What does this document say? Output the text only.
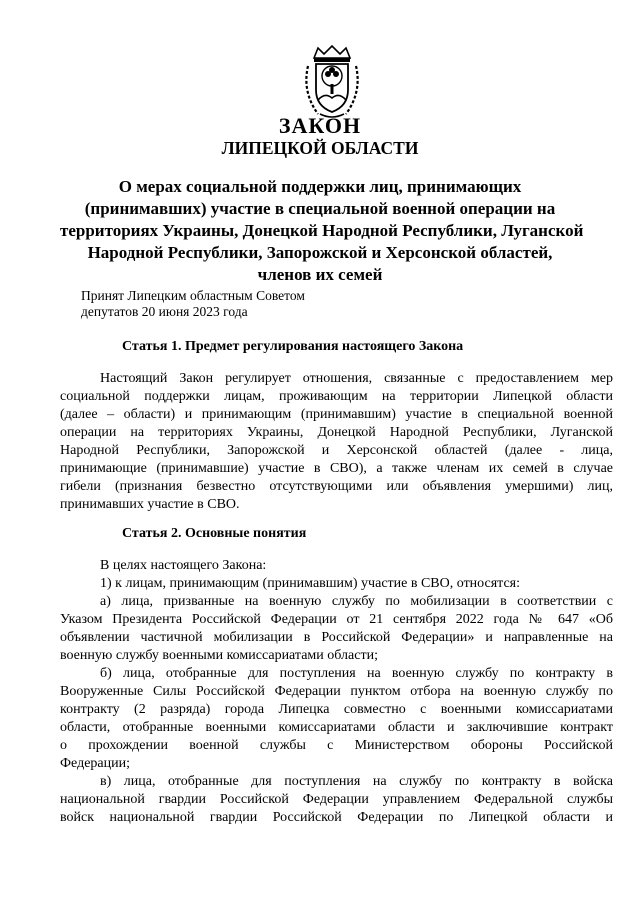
ЗАКОН
ЛИПЕЦКОЙ ОБЛАСТИ
О мерах социальной поддержки лиц, принимающих
(принимавших) участие в специальной военной операции на
территориях Украины, Донецкой Народной Республики, Луганской
Народной Республики, Запорожской и Херсонской областей,
членов их семей
Принят Липецким областным Советом
депутатов 20 июня 2023 года
Статья 1. Предмет регулирования настоящего Закона
Настоящий Закон регулирует отношения, связанные с предоставлением мер
социальной поддержки лицам, проживающим на территории Липецкой области
(далее – области) и принимающим (принимавшим) участие в специальной военной
операции на территориях Украины, Донецкой Народной Республики, Луганской
Народной Республики, Запорожской и Херсонской областей (далее - лица,
принимающие (принимавшие) участие в СВО), а также членам их семей в случае
гибели (признания безвестно отсутствующими или объявления умершими) лиц,
принимавших участие в СВО.
Статья 2. Основные понятия
В целях настоящего Закона:
1) к лицам, принимающим (принимавшим) участие в СВО, относятся:
а) лица, призванные на военную службу по мобилизации в соответствии с
Указом Президента Российской Федерации от 21 сентября 2022 года № 647 «Об
объявлении частичной мобилизации в Российской Федерации» и направленные на
военную службу военными комиссариатами области;
б) лица, отобранные для поступления на военную службу по контракту в
Вооруженные Силы Российской Федерации пунктом отбора на военную службу по
контракту (2 разряда) города Липецка совместно с военными комиссариатами
области, отобранные военными комиссариатами области и заключившие контракт
о прохождении военной службы с Министерством обороны Российской
Федерации;
в) лица, отобранные для поступления на службу по контракту в войска
национальной гвардии Российской Федерации управлением Федеральной службы
войск национальной гвардии Российской Федерации по Липецкой области и
